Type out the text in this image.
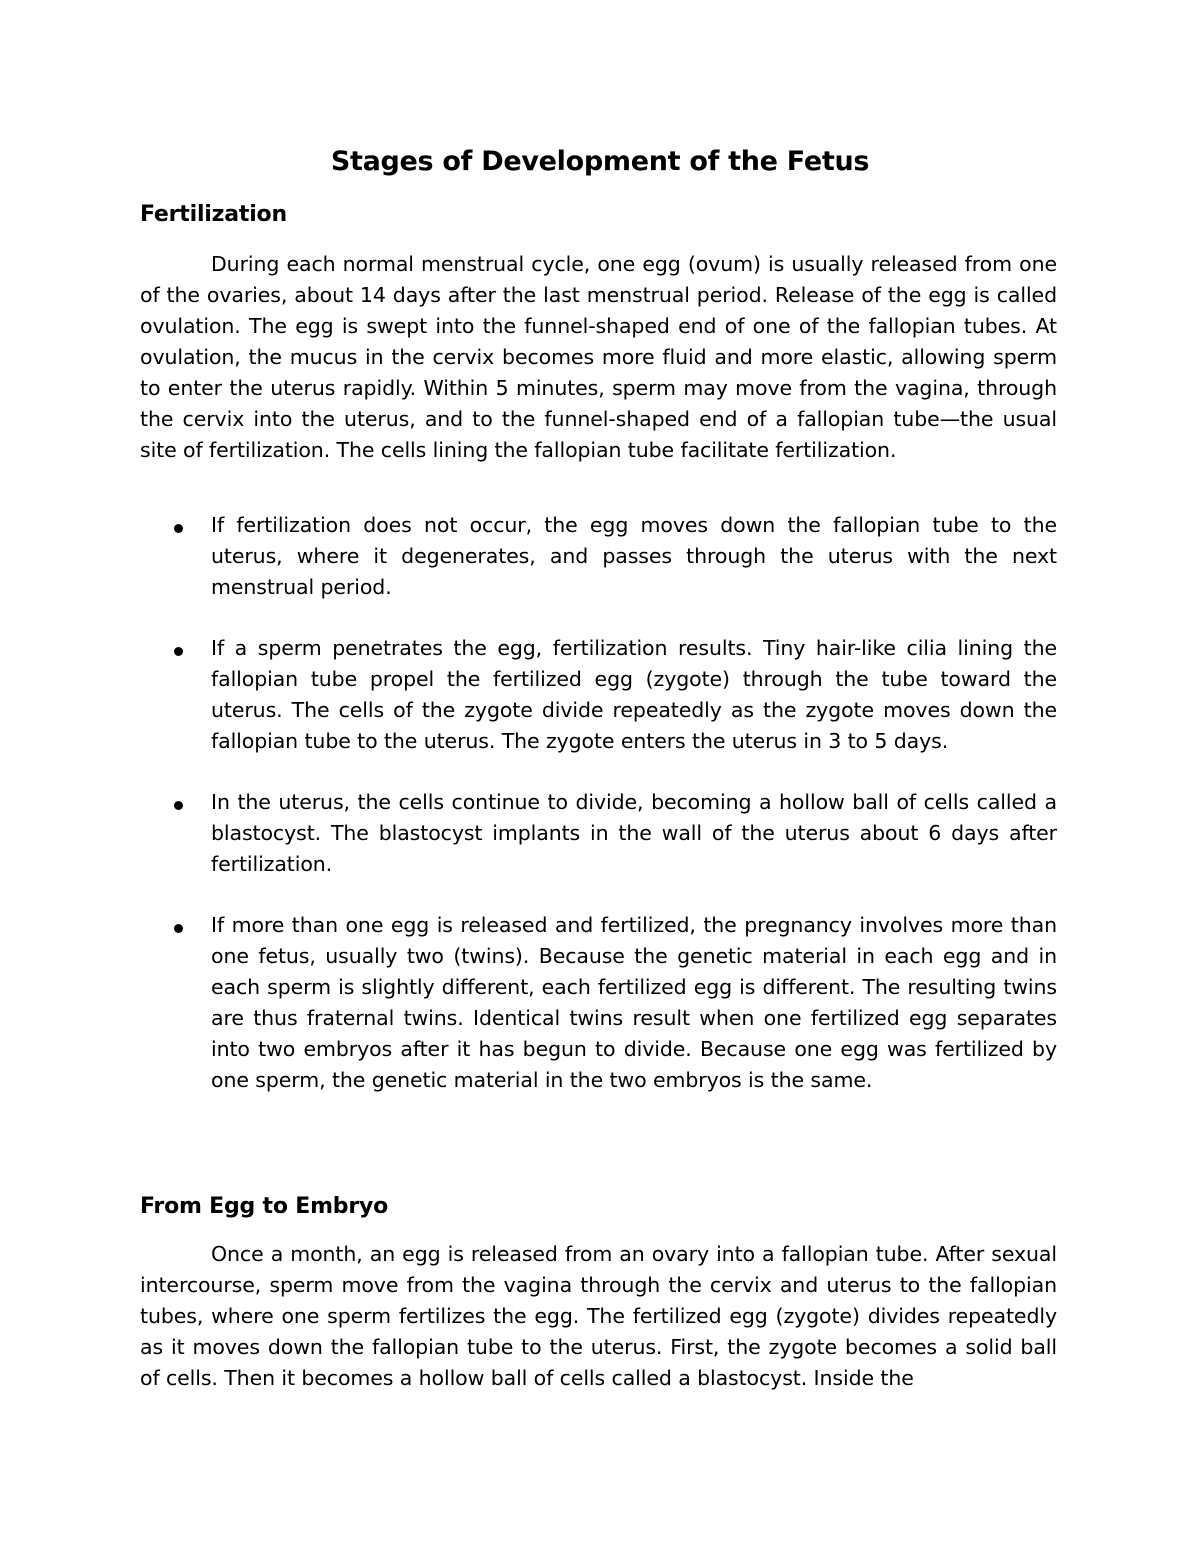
Stages of Development of the Fetus
Fertilization

During each normal menstrual cycle, one egg (ovum) is usually released from one of the ovaries, about 14 days after the last menstrual period. Release of the egg is called ovulation. The egg is swept into the funnel-shaped end of one of the fallopian tubes. At ovulation, the mucus in the cervix becomes more fluid and more elastic, allowing sperm to enter the uterus rapidly. Within 5 minutes, sperm may move from the vagina, through the cervix into the uterus, and to the funnel-shaped end of a fallopian tube—the usual site of fertilization. The cells lining the fallopian tube facilitate fertilization.

If fertilization does not occur, the egg moves down the fallopian tube to the uterus, where it degenerates, and passes through the uterus with the next menstrual period.

If a sperm penetrates the egg, fertilization results. Tiny hair-like cilia lining the fallopian tube propel the fertilized egg (zygote) through the tube toward the uterus. The cells of the zygote divide repeatedly as the zygote moves down the fallopian tube to the uterus. The zygote enters the uterus in 3 to 5 days.

In the uterus, the cells continue to divide, becoming a hollow ball of cells called a blastocyst. The blastocyst implants in the wall of the uterus about 6 days after fertilization.

If more than one egg is released and fertilized, the pregnancy involves more than one fetus, usually two (twins). Because the genetic material in each egg and in each sperm is slightly different, each fertilized egg is different. The resulting twins are thus fraternal twins. Identical twins result when one fertilized egg separates into two embryos after it has begun to divide. Because one egg was fertilized by one sperm, the genetic material in the two embryos is the same.

From Egg to Embryo

Once a month, an egg is released from an ovary into a fallopian tube. After sexual intercourse, sperm move from the vagina through the cervix and uterus to the fallopian tubes, where one sperm fertilizes the egg. The fertilized egg (zygote) divides repeatedly as it moves down the fallopian tube to the uterus. First, the zygote becomes a solid ball of cells. Then it becomes a hollow ball of cells called a blastocyst. Inside the
